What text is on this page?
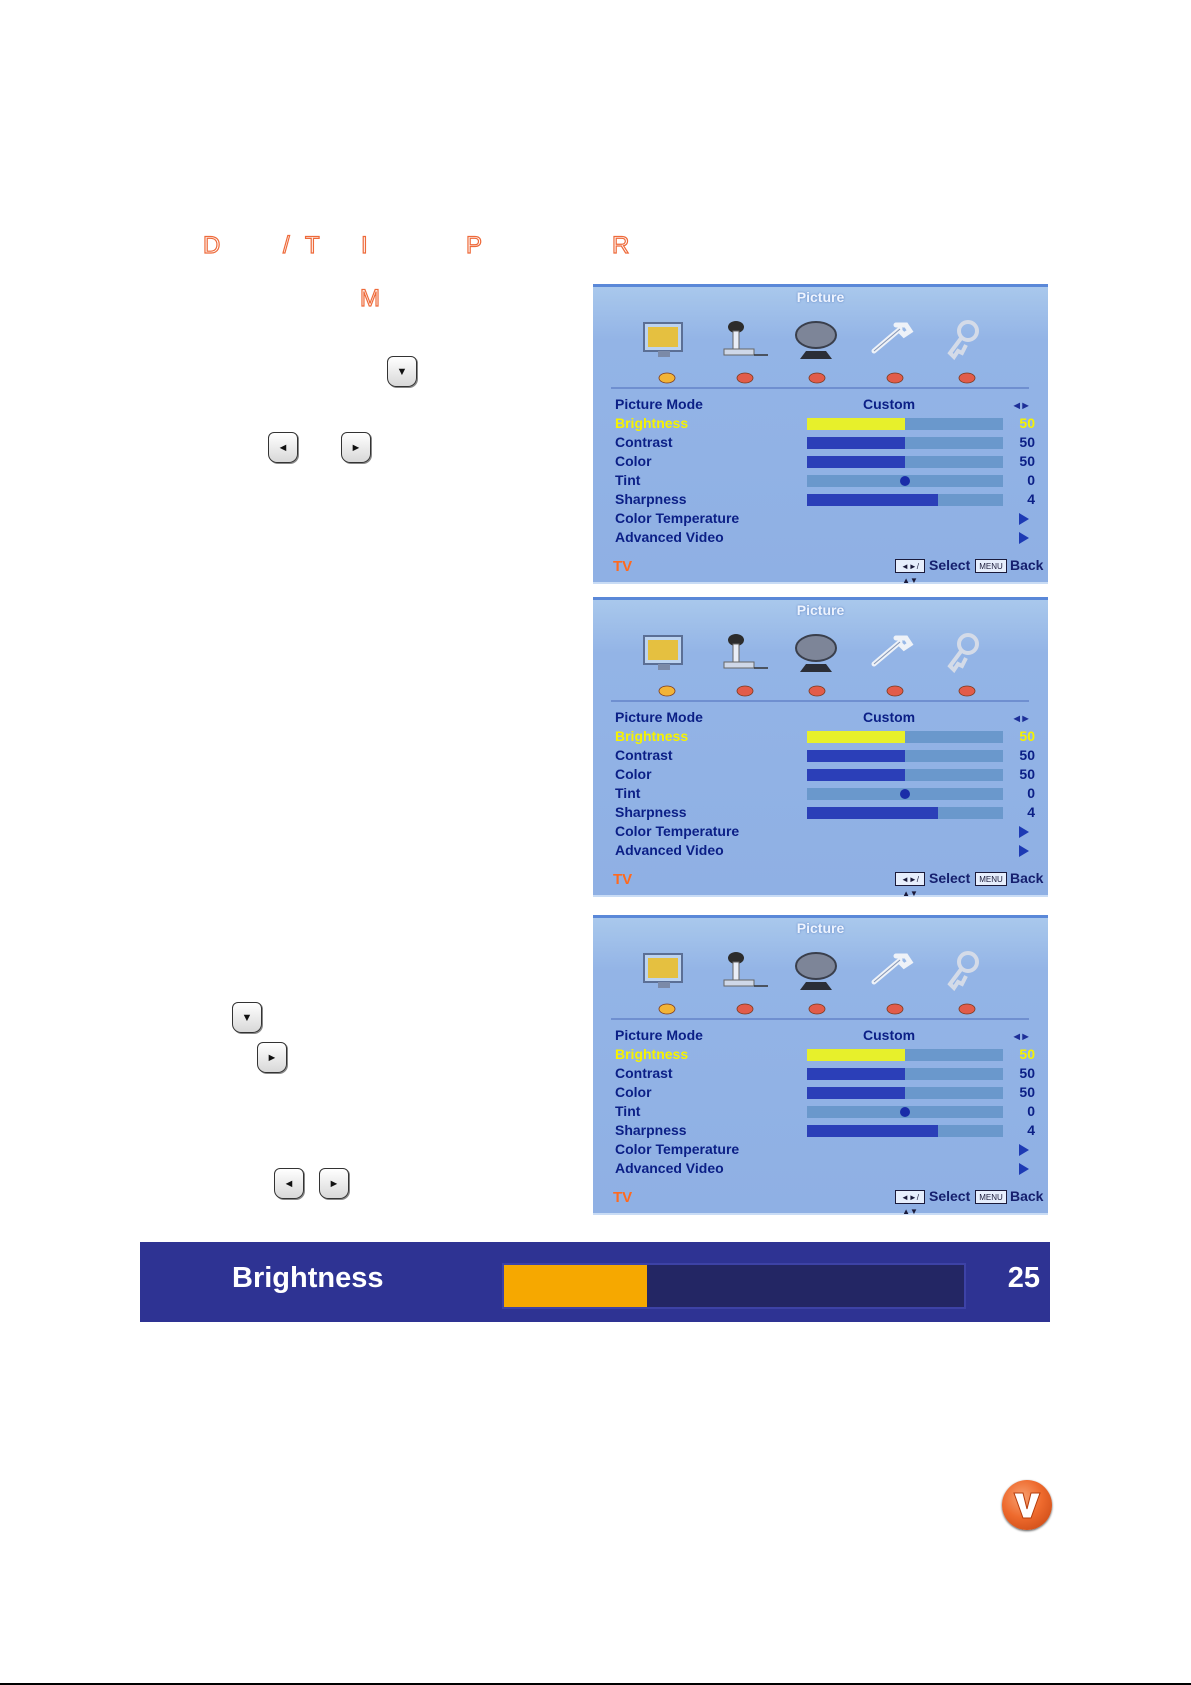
D	/ T I	P	R
M
▼
◄	►
▼
►
◄	►
Picture
Picture Mode	Custom	◄►
Brightness	50
Contrast	50
Color	50
Tint	0
Sharpness	4
Color Temperature
Advanced Video
TV	◄►/▲▼
Select	MENU Back
Picture
Picture Mode	Custom	◄►
Brightness	50
Contrast	50
Color	50
Tint	0
Sharpness	4
Color Temperature
Advanced Video
TV	◄►/▲▼
Select	MENU Back
Picture
Picture Mode	Custom	◄►
Brightness	50
Contrast	50
Color	50
Tint	0
Sharpness	4
Color Temperature
Advanced Video
TV	◄►/▲▼
Select	MENU Back
Brightness	25
